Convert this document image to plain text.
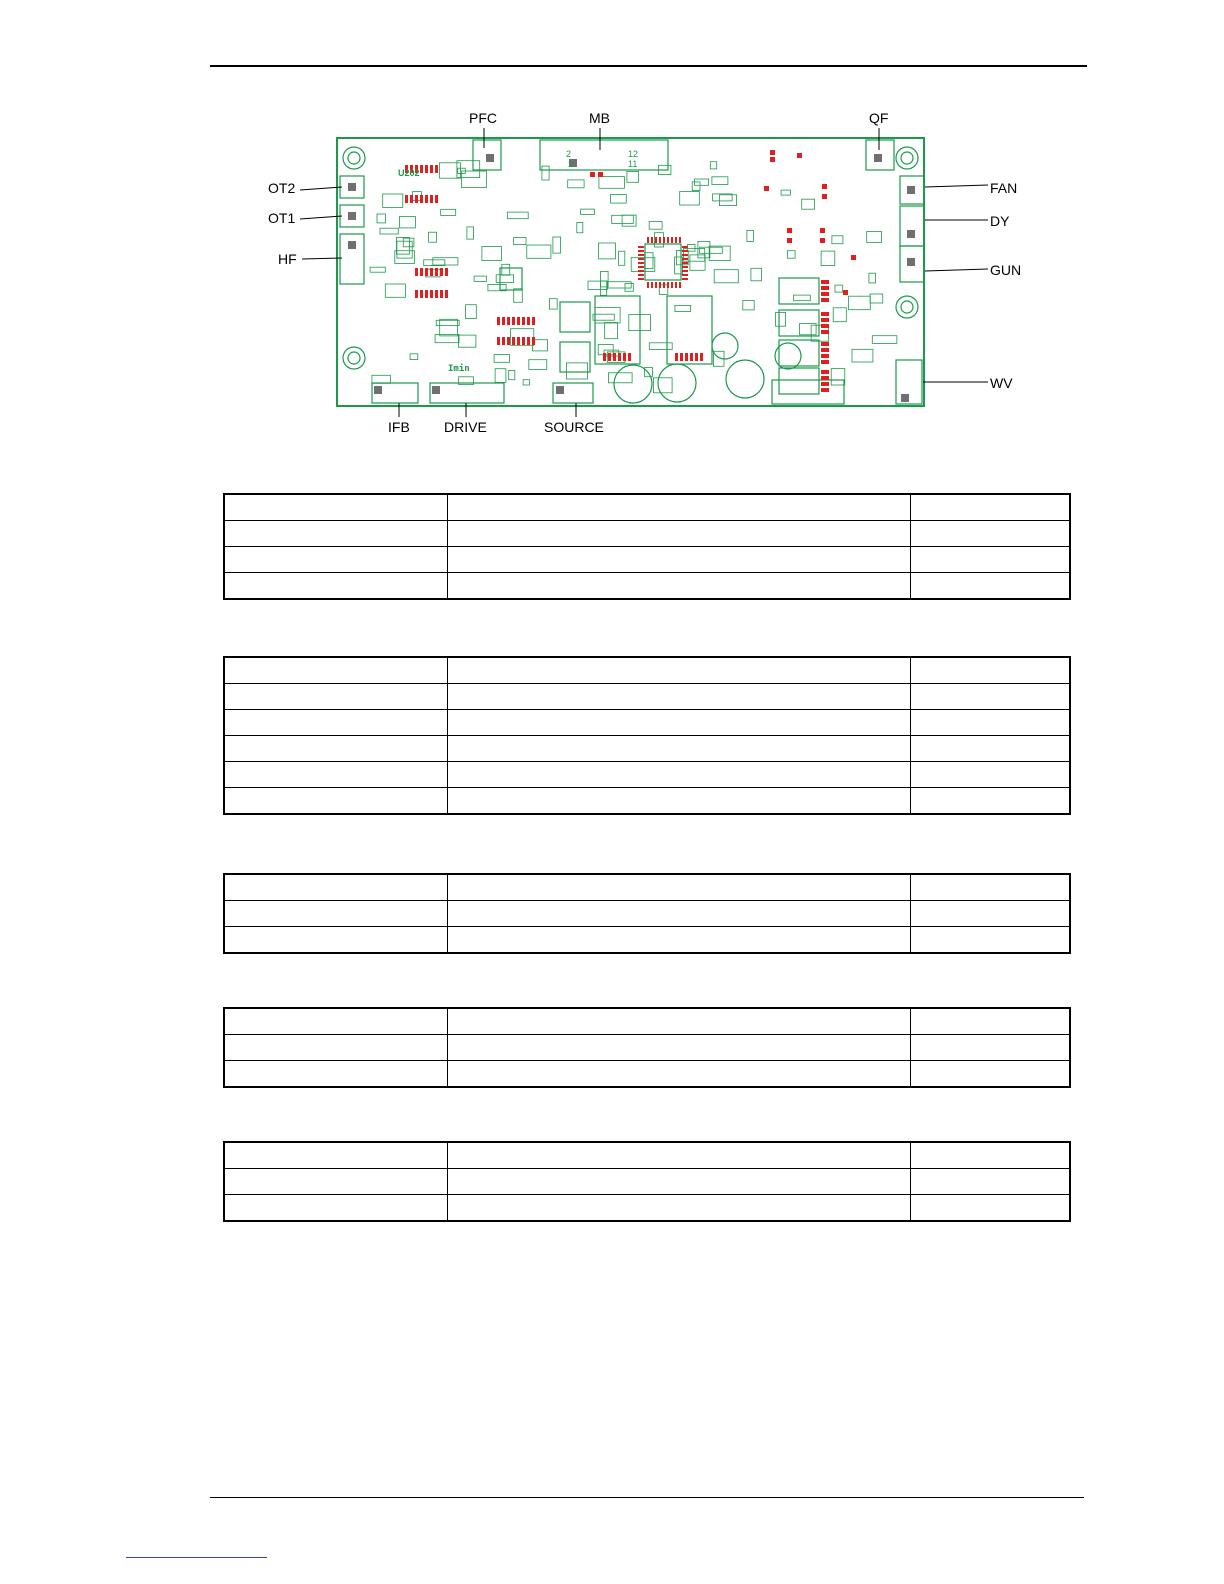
U202
Imin
2	12
1	11
PFC	MB	QF
OT2
OT1
HF
FAN
DY
GUN
WV
IFB DRIVE	SOURCE
